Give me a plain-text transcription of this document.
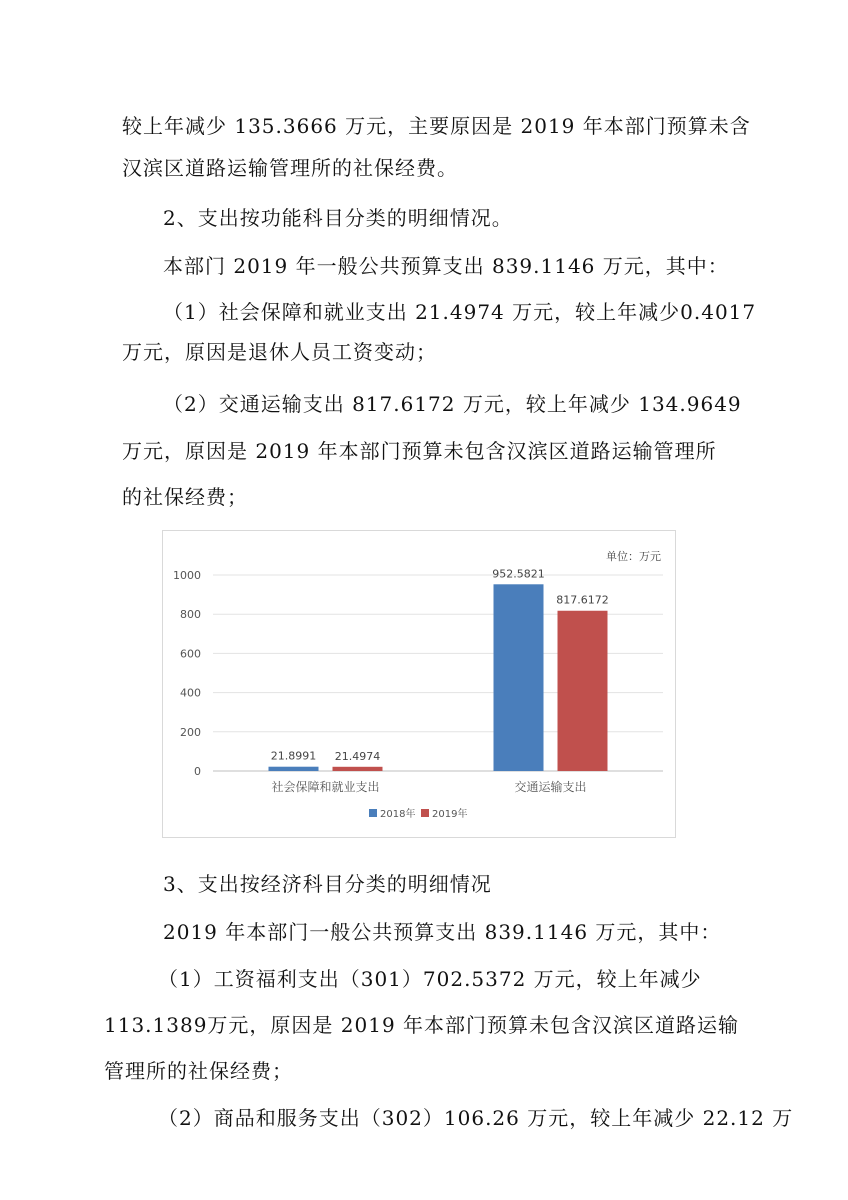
较上年减少 135.3666 万元，主要原因是 2019 年本部门预算未含
汉滨区道路运输管理所的社保经费。
2、支出按功能科目分类的明细情况。
本部门 2019 年一般公共预算支出 839.1146 万元，其中：
（1）社会保障和就业支出 21.4974 万元，较上年减少0.4017
万元，原因是退休人员工资变动；
（2）交通运输支出 817.6172 万元，较上年减少 134.9649
万元，原因是 2019 年本部门预算未包含汉滨区道路运输管理所
的社保经费；
0
200
400
600
800
1000
单位：万元
21.8991 21.4974
社会保障和就业支出
952.5821
817.6172
交通运输支出
2018年 2019年
3、支出按经济科目分类的明细情况
2019 年本部门一般公共预算支出 839.1146 万元，其中：
（1）工资福利支出（301）702.5372 万元，较上年减少
113.1389万元，原因是 2019 年本部门预算未包含汉滨区道路运输
管理所的社保经费；
（2）商品和服务支出（302）106.26 万元，较上年减少 22.12 万
